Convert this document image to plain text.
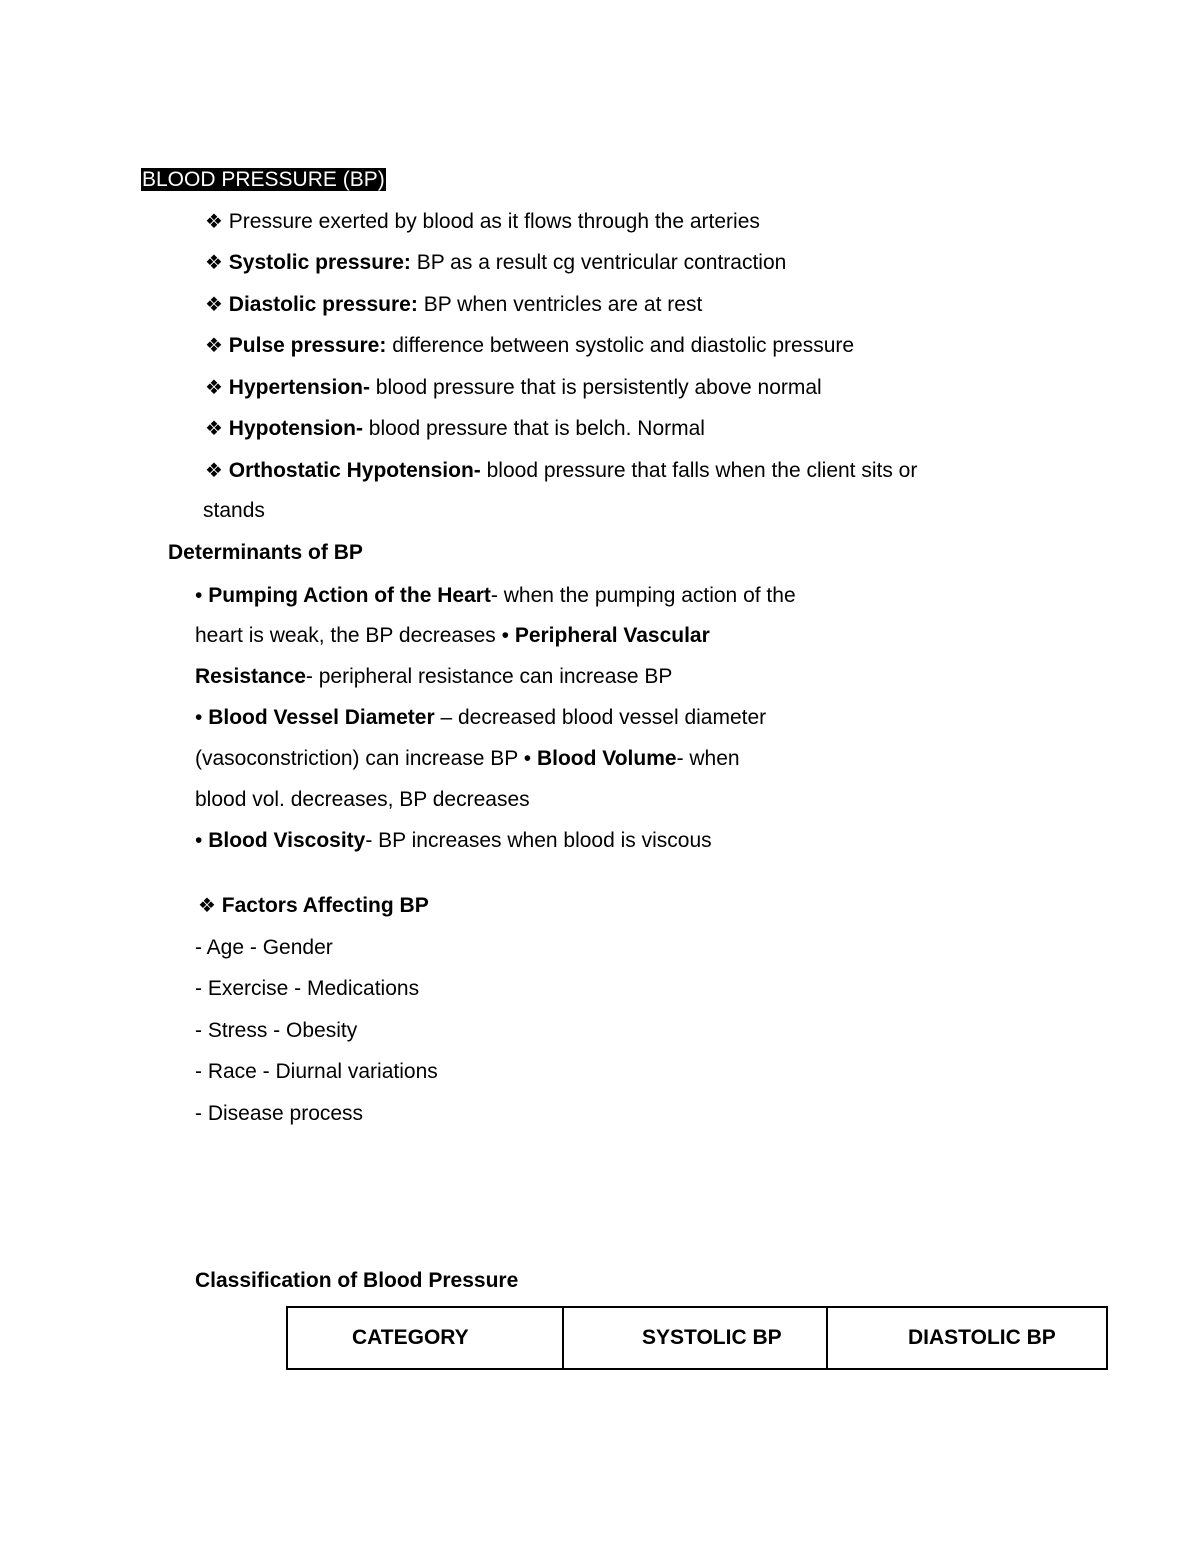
BLOOD PRESSURE (BP)
❖ Pressure exerted by blood as it flows through the arteries
❖ Systolic pressure: BP as a result cg ventricular contraction
❖ Diastolic pressure: BP when ventricles are at rest
❖ Pulse pressure: difference between systolic and diastolic pressure
❖ Hypertension- blood pressure that is persistently above normal
❖ Hypotension- blood pressure that is belch. Normal
❖ Orthostatic Hypotension- blood pressure that falls when the client sits or
stands
Determinants of BP
• Pumping Action of the Heart- when the pumping action of the
heart is weak, the BP decreases • Peripheral Vascular
Resistance- peripheral resistance can increase BP
• Blood Vessel Diameter – decreased blood vessel diameter
(vasoconstriction) can increase BP • Blood Volume- when
blood vol. decreases, BP decreases
• Blood Viscosity- BP increases when blood is viscous
❖ Factors Affecting BP
- Age - Gender
- Exercise - Medications
- Stress - Obesity
- Race - Diurnal variations
- Disease process
Classification of Blood Pressure
CATEGORY	SYSTOLIC BP	DIASTOLIC BP
